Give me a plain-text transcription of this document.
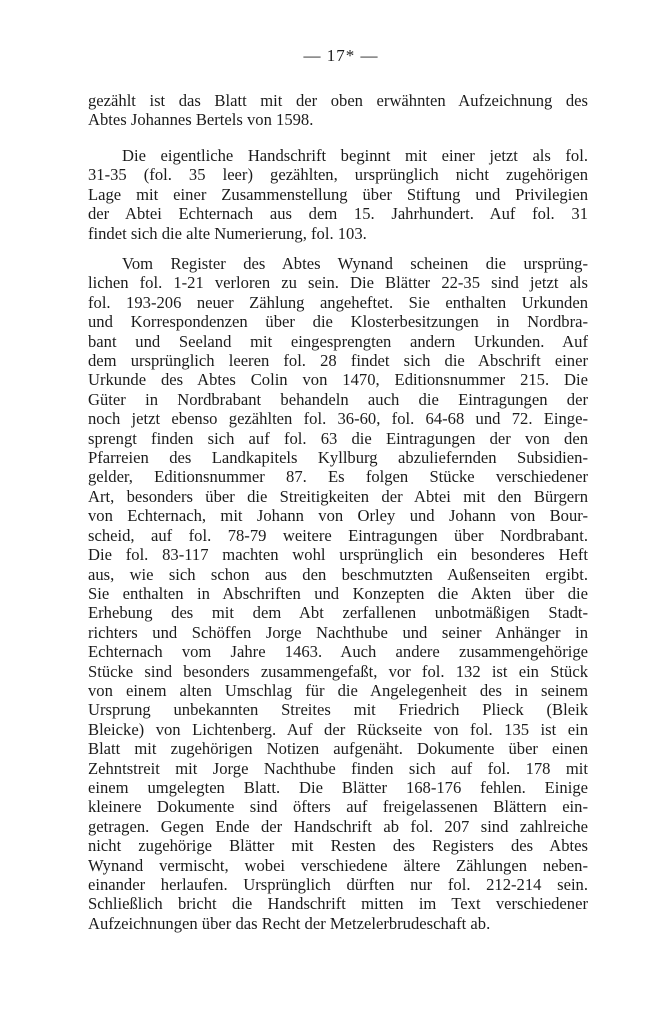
— 17* —
gezählt ist das Blatt mit der oben erwähnten Aufzeichnung des
Abtes Johannes Bertels von 1598.
Die eigentliche Handschrift beginnt mit einer jetzt als fol.
31-35 (fol. 35 leer) gezählten, ursprünglich nicht zugehörigen
Lage mit einer Zusammenstellung über Stiftung und Privilegien
der Abtei Echternach aus dem 15. Jahrhundert. Auf fol. 31
findet sich die alte Numerierung, fol. 103.
Vom Register des Abtes Wynand scheinen die ursprüng-
lichen fol. 1-21 verloren zu sein. Die Blätter 22-35 sind jetzt als
fol. 193-206 neuer Zählung angeheftet. Sie enthalten Urkunden
und Korrespondenzen über die Klosterbesitzungen in Nordbra-
bant und Seeland mit eingesprengten andern Urkunden. Auf
dem ursprünglich leeren fol. 28 findet sich die Abschrift einer
Urkunde des Abtes Colin von 1470, Editionsnummer 215. Die
Güter in Nordbrabant behandeln auch die Eintragungen der
noch jetzt ebenso gezählten fol. 36-60, fol. 64-68 und 72. Einge-
sprengt finden sich auf fol. 63 die Eintragungen der von den
Pfarreien des Landkapitels Kyllburg abzuliefernden Subsidien-
gelder, Editionsnummer 87. Es folgen Stücke verschiedener
Art, besonders über die Streitigkeiten der Abtei mit den Bürgern
von Echternach, mit Johann von Orley und Johann von Bour-
scheid, auf fol. 78-79 weitere Eintragungen über Nordbrabant.
Die fol. 83-117 machten wohl ursprünglich ein besonderes Heft
aus, wie sich schon aus den beschmutzten Außenseiten ergibt.
Sie enthalten in Abschriften und Konzepten die Akten über die
Erhebung des mit dem Abt zerfallenen unbotmäßigen Stadt-
richters und Schöffen Jorge Nachthube und seiner Anhänger in
Echternach vom Jahre 1463. Auch andere zusammengehörige
Stücke sind besonders zusammengefaßt, vor fol. 132 ist ein Stück
von einem alten Umschlag für die Angelegenheit des in seinem
Ursprung unbekannten Streites mit Friedrich Plieck (Bleik
Bleicke) von Lichtenberg. Auf der Rückseite von fol. 135 ist ein
Blatt mit zugehörigen Notizen aufgenäht. Dokumente über einen
Zehntstreit mit Jorge Nachthube finden sich auf fol. 178 mit
einem umgelegten Blatt. Die Blätter 168-176 fehlen. Einige
kleinere Dokumente sind öfters auf freigelassenen Blättern ein-
getragen. Gegen Ende der Handschrift ab fol. 207 sind zahlreiche
nicht zugehörige Blätter mit Resten des Registers des Abtes
Wynand vermischt, wobei verschiedene ältere Zählungen neben-
einander herlaufen. Ursprünglich dürften nur fol. 212-214 sein.
Schließlich bricht die Handschrift mitten im Text verschiedener
Aufzeichnungen über das Recht der Metzelerbrudeschaft ab.
